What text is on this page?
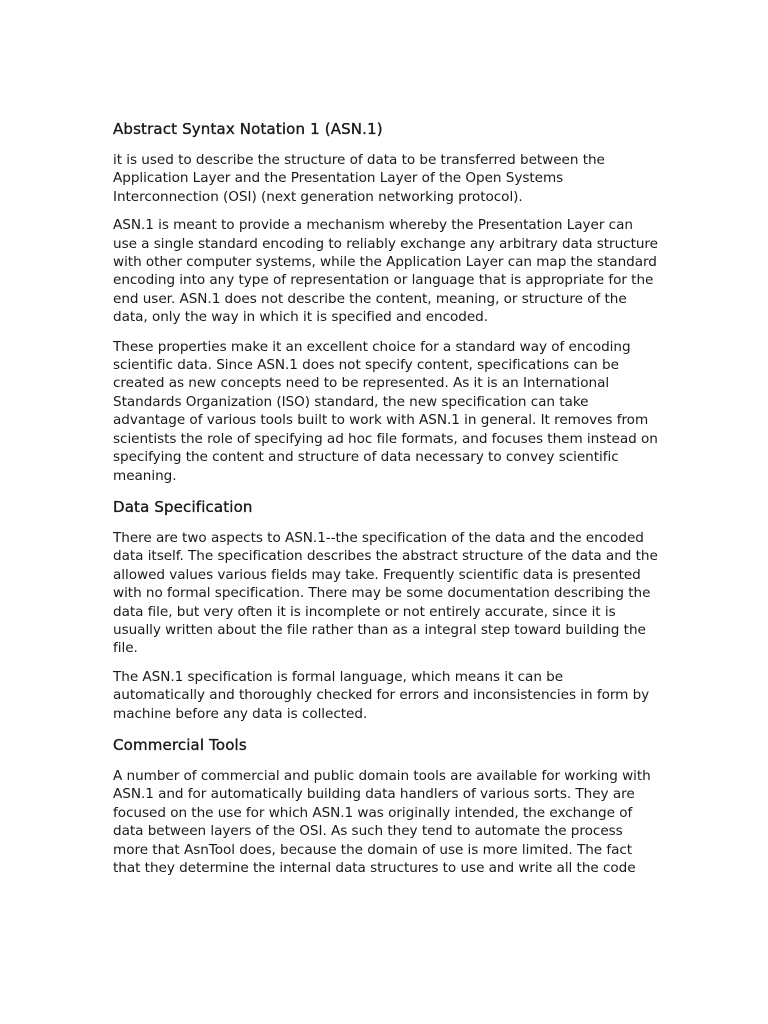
Abstract Syntax Notation 1 (ASN.1)

it is used to describe the structure of data to be transferred between the Application Layer and the Presentation Layer of the Open Systems Interconnection (OSI) (next generation networking protocol).

ASN.1 is meant to provide a mechanism whereby the Presentation Layer can use a single standard encoding to reliably exchange any arbitrary data structure with other computer systems, while the Application Layer can map the standard encoding into any type of representation or language that is appropriate for the end user. ASN.1 does not describe the content, meaning, or structure of the data, only the way in which it is specified and encoded.

These properties make it an excellent choice for a standard way of encoding scientific data. Since ASN.1 does not specify content, specifications can be created as new concepts need to be represented. As it is an International Standards Organization (ISO) standard, the new specification can take advantage of various tools built to work with ASN.1 in general. It removes from scientists the role of specifying ad hoc file formats, and focuses them instead on specifying the content and structure of data necessary to convey scientific meaning.

Data Specification

There are two aspects to ASN.1--the specification of the data and the encoded data itself. The specification describes the abstract structure of the data and the allowed values various fields may take. Frequently scientific data is presented with no formal specification. There may be some documentation describing the data file, but very often it is incomplete or not entirely accurate, since it is usually written about the file rather than as a integral step toward building the file.

The ASN.1 specification is formal language, which means it can be automatically and thoroughly checked for errors and inconsistencies in form by machine before any data is collected.

Commercial Tools

A number of commercial and public domain tools are available for working with ASN.1 and for automatically building data handlers of various sorts. They are focused on the use for which ASN.1 was originally intended, the exchange of data between layers of the OSI. As such they tend to automate the process more that AsnTool does, because the domain of use is more limited. The fact that they determine the internal data structures to use and write all the code
